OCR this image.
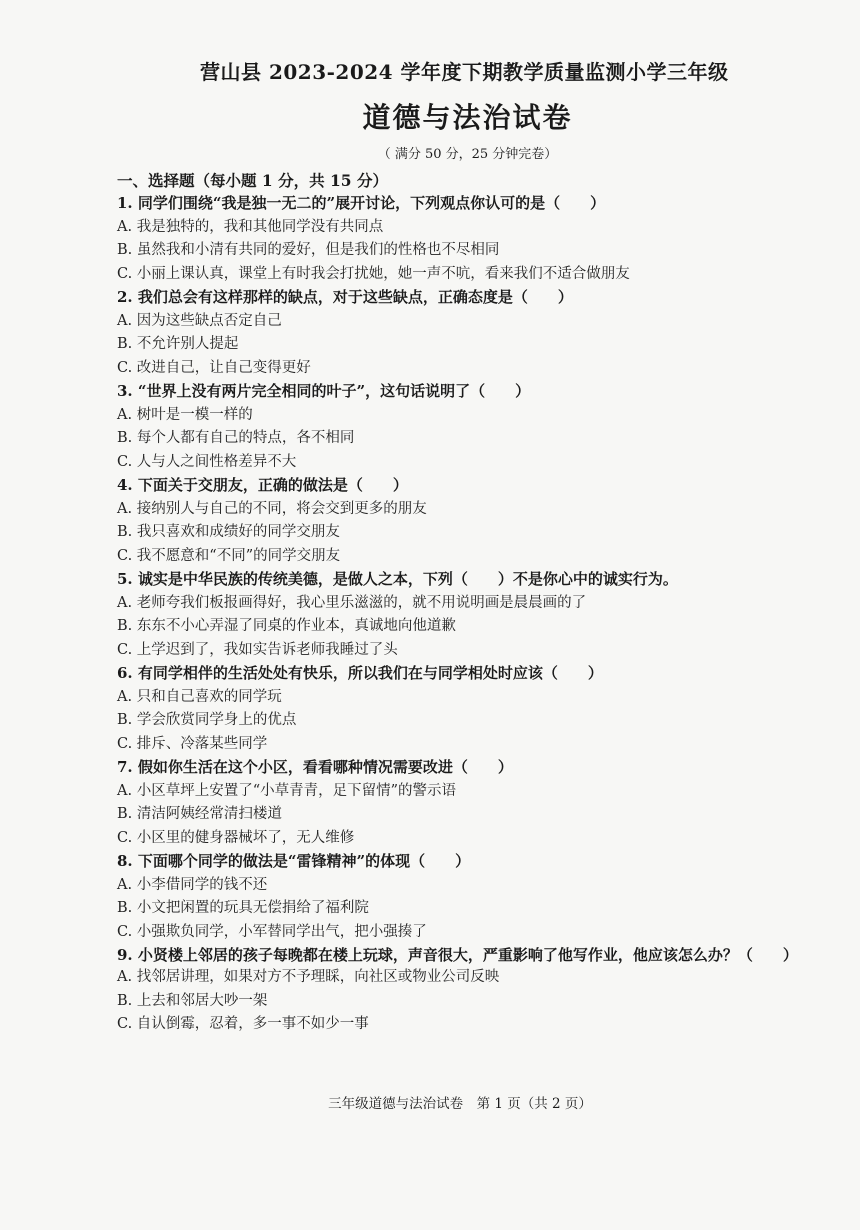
营山县 2023-2024 学年度下期教学质量监测小学三年级
道德与法治试卷
（ 满分 50 分，25 分钟完卷）
一、选择题（每小题 1 分，共 15 分）
1. 同学们围绕“我是独一无二的”展开讨论，下列观点你认可的是（　　）
A. 我是独特的，我和其他同学没有共同点
B. 虽然我和小清有共同的爱好，但是我们的性格也不尽相同
C. 小丽上课认真，课堂上有时我会打扰她，她一声不吭，看来我们不适合做朋友
2. 我们总会有这样那样的缺点，对于这些缺点，正确态度是（　　）
A. 因为这些缺点否定自己
B. 不允许别人提起
C. 改进自己，让自己变得更好
3. “世界上没有两片完全相同的叶子”，这句话说明了（　　）
A. 树叶是一模一样的
B. 每个人都有自己的特点，各不相同
C. 人与人之间性格差异不大
4. 下面关于交朋友，正确的做法是（　　）
A. 接纳别人与自己的不同，将会交到更多的朋友
B. 我只喜欢和成绩好的同学交朋友
C. 我不愿意和“不同”的同学交朋友
5. 诚实是中华民族的传统美德，是做人之本，下列（　　）不是你心中的诚实行为。
A. 老师夸我们板报画得好，我心里乐滋滋的，就不用说明画是晨晨画的了
B. 东东不小心弄湿了同桌的作业本，真诚地向他道歉
C. 上学迟到了，我如实告诉老师我睡过了头
6. 有同学相伴的生活处处有快乐，所以我们在与同学相处时应该（　　）
A. 只和自己喜欢的同学玩
B. 学会欣赏同学身上的优点
C. 排斥、冷落某些同学
7. 假如你生活在这个小区，看看哪种情况需要改进（　　）
A. 小区草坪上安置了“小草青青，足下留情”的警示语
B. 清洁阿姨经常清扫楼道
C. 小区里的健身器械坏了，无人维修
8. 下面哪个同学的做法是“雷锋精神”的体现（　　）
A. 小李借同学的钱不还
B. 小文把闲置的玩具无偿捐给了福利院
C. 小强欺负同学，小军替同学出气，把小强揍了
9. 小贤楼上邻居的孩子每晚都在楼上玩球，声音很大，严重影响了他写作业，他应该怎么办？（　　）
A. 找邻居讲理，如果对方不予理睬，向社区或物业公司反映
B. 上去和邻居大吵一架
C. 自认倒霉，忍着，多一事不如少一事
三年级道德与法治试卷　第 1 页（共 2 页）
